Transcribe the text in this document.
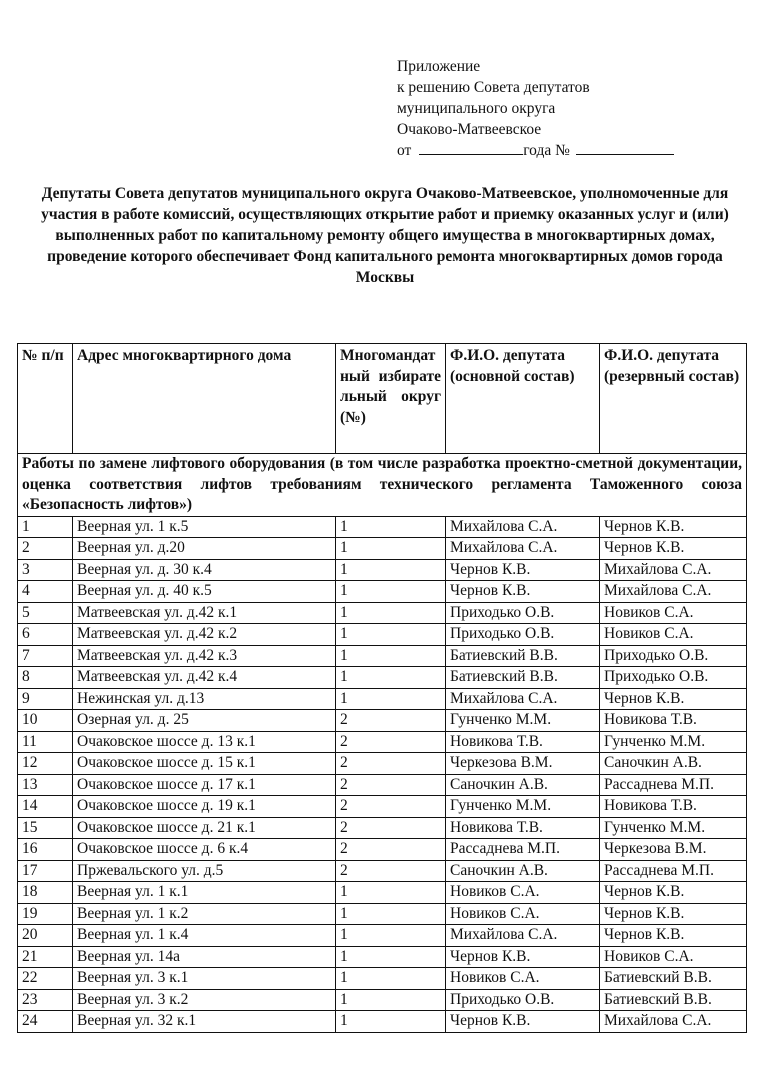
Приложение
к решению Совета депутатов
муниципального округа
Очаково-Матвеевское
от	года №
Депутаты Совета депутатов муниципального округа Очаково-Матвеевское, уполномоченные для участия в работе комиссий, осуществляющих открытие работ и приемку оказанных услуг и (или) выполненных работ по капитальному ремонту общего имущества в многоквартирных домах, проведение которого обеспечивает Фонд капитального ремонта многоквартирных домов города Москвы
№ п/п	Адрес многоквартирного дома	Многомандатный избирательный округ (№)	Ф.И.О. депутата (основной состав)	Ф.И.О. депутата (резервный состав)
Работы по замене лифтового оборудования (в том числе разработка проектно-сметной документации, оценка соответствия лифтов требованиям технического регламента Таможенного союза «Безопасность лифтов»)				
1	Веерная ул. 1 к.5	1	Михайлова С.А.	Чернов К.В.
2	Веерная ул. д.20	1	Михайлова С.А.	Чернов К.В.
3	Веерная ул. д. 30 к.4	1	Чернов К.В.	Михайлова С.А.
4	Веерная ул. д. 40 к.5	1	Чернов К.В.	Михайлова С.А.
5	Матвеевская ул. д.42 к.1	1	Приходько О.В.	Новиков С.А.
6	Матвеевская ул. д.42 к.2	1	Приходько О.В.	Новиков С.А.
7	Матвеевская ул. д.42 к.3	1	Батиевский В.В.	Приходько О.В.
8	Матвеевская ул. д.42 к.4	1	Батиевский В.В.	Приходько О.В.
9	Нежинская ул. д.13	1	Михайлова С.А.	Чернов К.В.
10	Озерная ул. д. 25	2	Гунченко М.М.	Новикова Т.В.
11	Очаковское шоссе д. 13 к.1	2	Новикова Т.В.	Гунченко М.М.
12	Очаковское шоссе д. 15 к.1	2	Черкезова В.М.	Саночкин А.В.
13	Очаковское шоссе д. 17 к.1	2	Саночкин А.В.	Рассаднева М.П.
14	Очаковское шоссе д. 19 к.1	2	Гунченко М.М.	Новикова Т.В.
15	Очаковское шоссе д. 21 к.1	2	Новикова Т.В.	Гунченко М.М.
16	Очаковское шоссе д. 6 к.4	2	Рассаднева М.П.	Черкезова В.М.
17	Пржевальского ул. д.5	2	Саночкин А.В.	Рассаднева М.П.
18	Веерная ул. 1 к.1	1	Новиков С.А.	Чернов К.В.
19	Веерная ул. 1 к.2	1	Новиков С.А.	Чернов К.В.
20	Веерная ул. 1 к.4	1	Михайлова С.А.	Чернов К.В.
21	Веерная ул. 14а	1	Чернов К.В.	Новиков С.А.
22	Веерная ул. 3 к.1	1	Новиков С.А.	Батиевский В.В.
23	Веерная ул. 3 к.2	1	Приходько О.В.	Батиевский В.В.
24	Веерная ул. 32 к.1	1	Чернов К.В.	Михайлова С.А.
